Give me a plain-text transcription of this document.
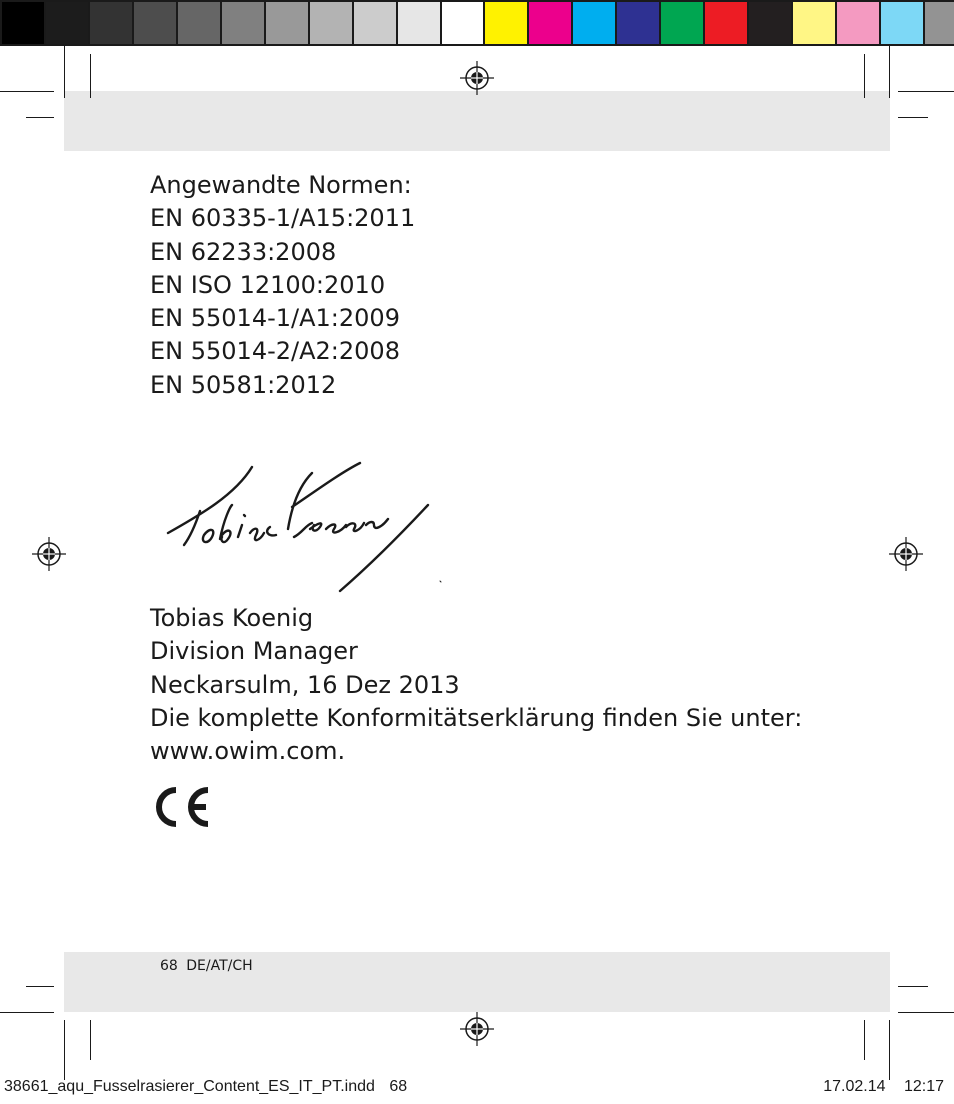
Angewandte Normen:
EN 60335-1/A15:2011
EN 62233:2008
EN ISO 12100:2010
EN 55014-1/A1:2009
EN 55014-2/A2:2008
EN 50581:2012
Tobias Koenig
Division Manager
Neckarsulm, 16 Dez 2013
Die komplette Konformitätserklärung finden Sie unter:
www.owim.com.
68 DE/AT/CH
38661_aqu_Fusselrasierer_Content_ES_IT_PT.indd 68	17.02.14 12:17
